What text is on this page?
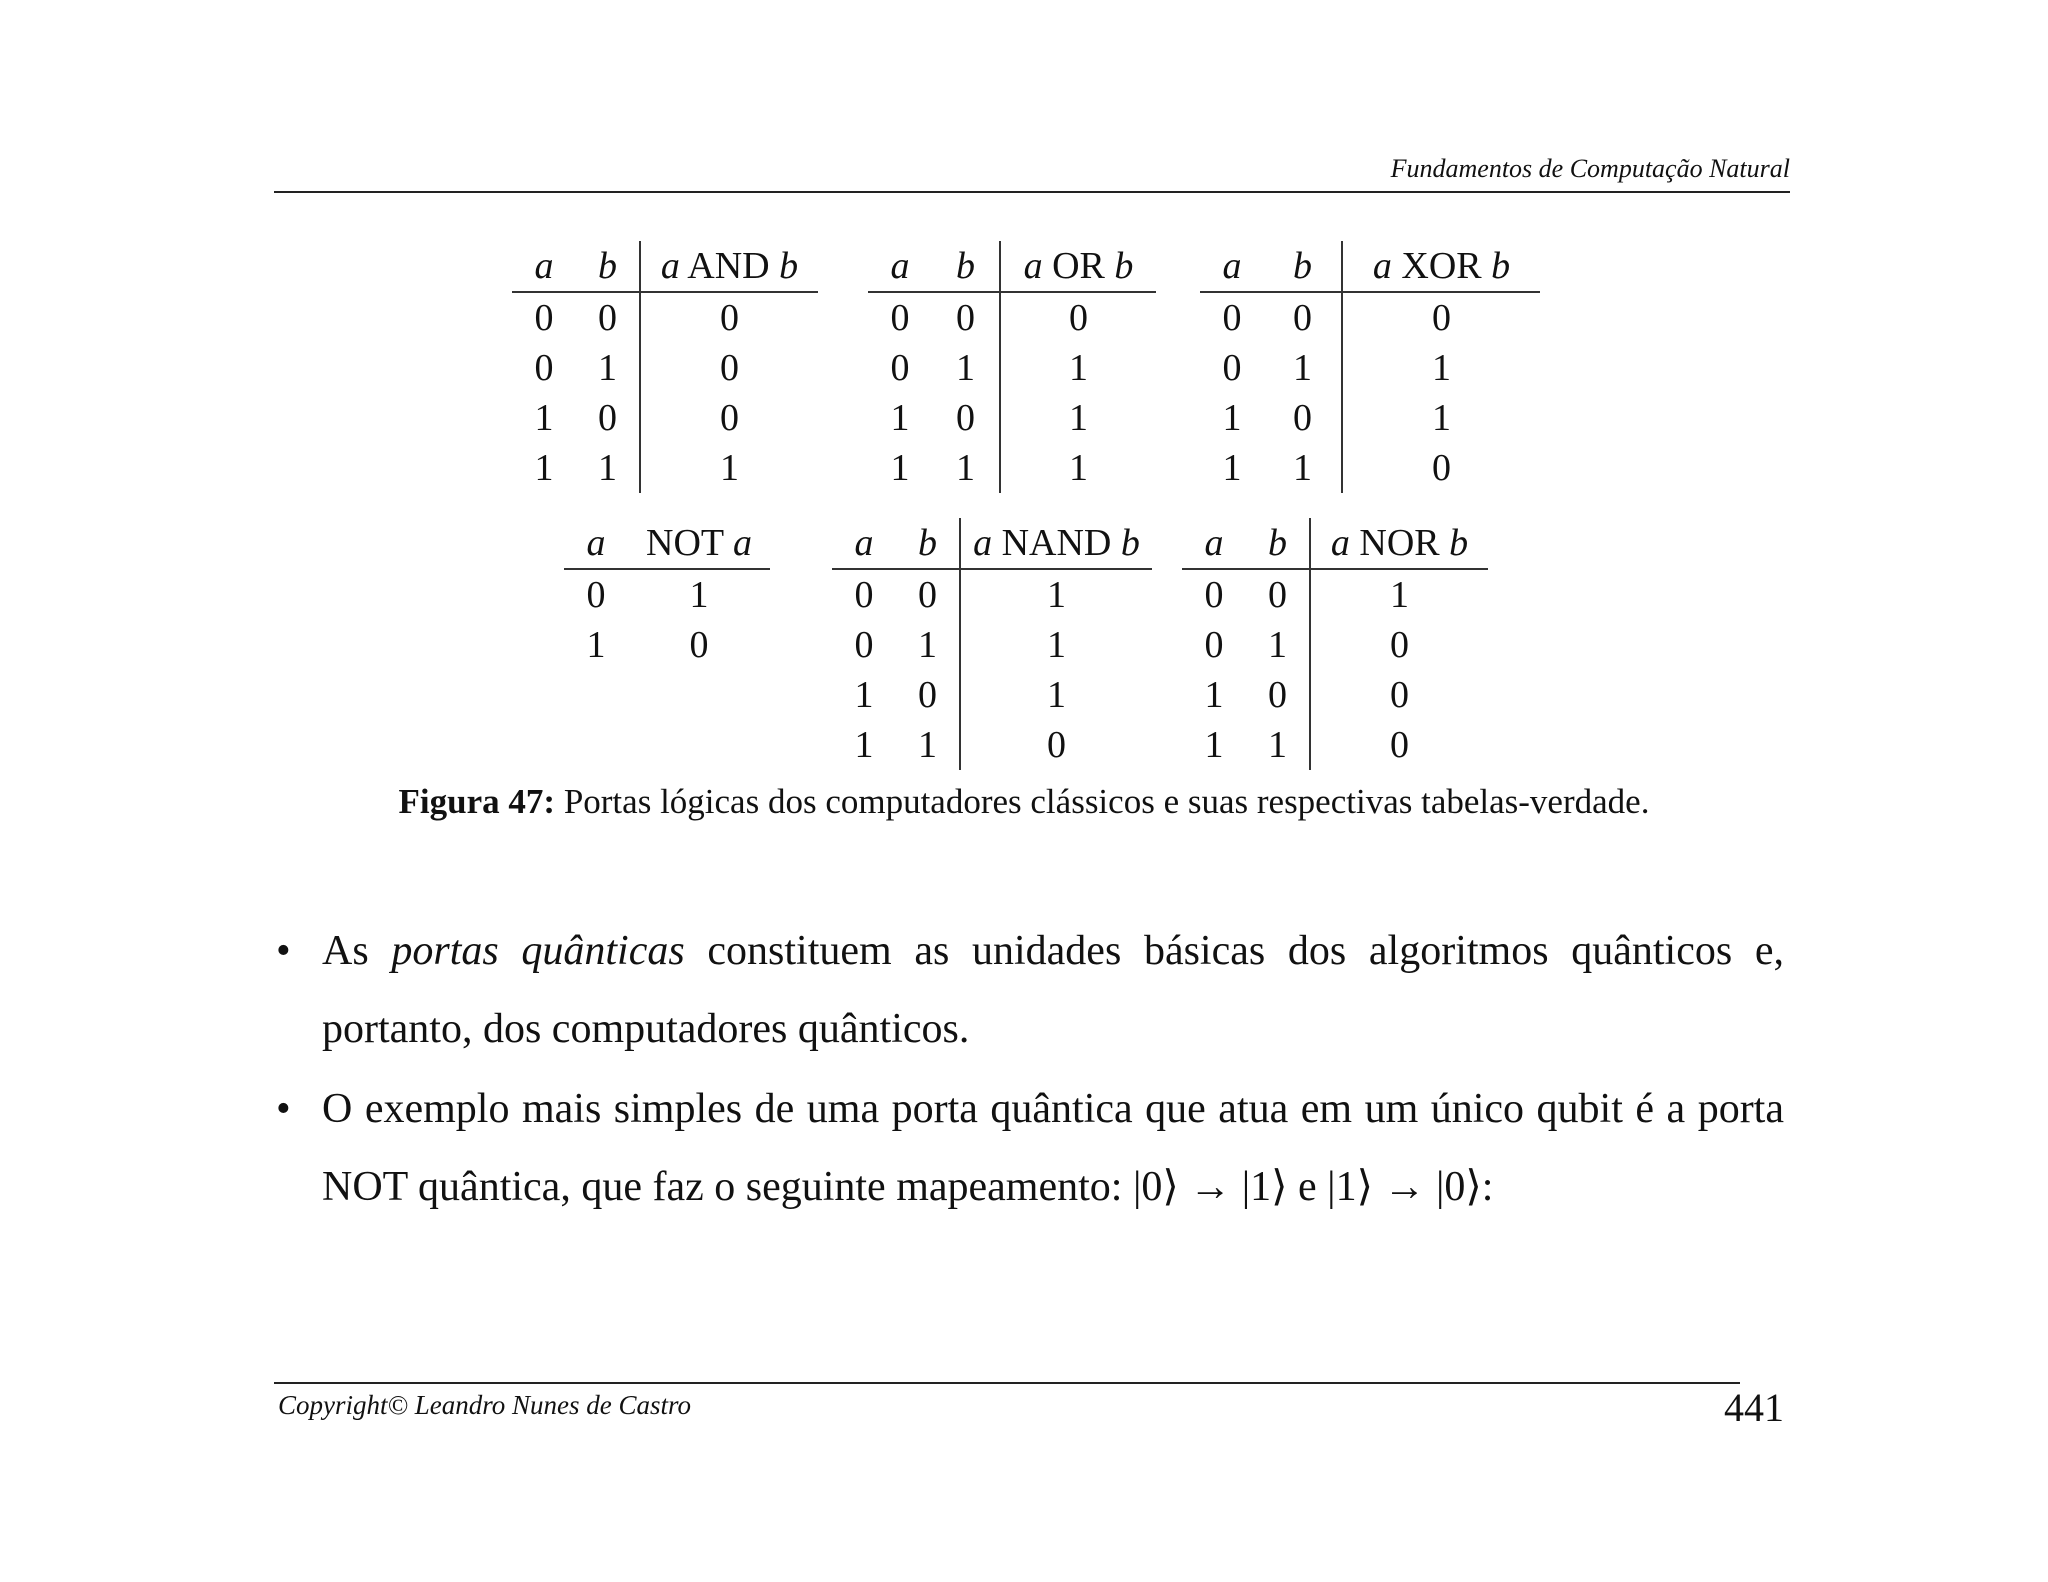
Fundamentos de Computação Natural
a	b	a AND b
0	0	0
0	1	0
1	0	0
1	1	1
a	b	a OR b
0	0	0
0	1	1
1	0	1
1	1	1
a	b	a XOR b
0	0	0
0	1	1
1	0	1
1	1	0
a	NOT a
0	1
1	0
a	b	a NAND b
0	0	1
0	1	1
1	0	1
1	1	0
a	b	a NOR b
0	0	1
0	1	0
1	0	0
1	1	0
Figura 47: Portas lógicas dos computadores clássicos e suas respectivas tabelas-verdade.
• As portas quânticas constituem as unidades básicas dos algoritmos quânticos e, portanto, dos computadores quânticos.
• O exemplo mais simples de uma porta quântica que atua em um único qubit é a porta NOT quântica, que faz o seguinte mapeamento: |0⟩ → |1⟩ e |1⟩ → |0⟩:
Copyright© Leandro Nunes de Castro	441
